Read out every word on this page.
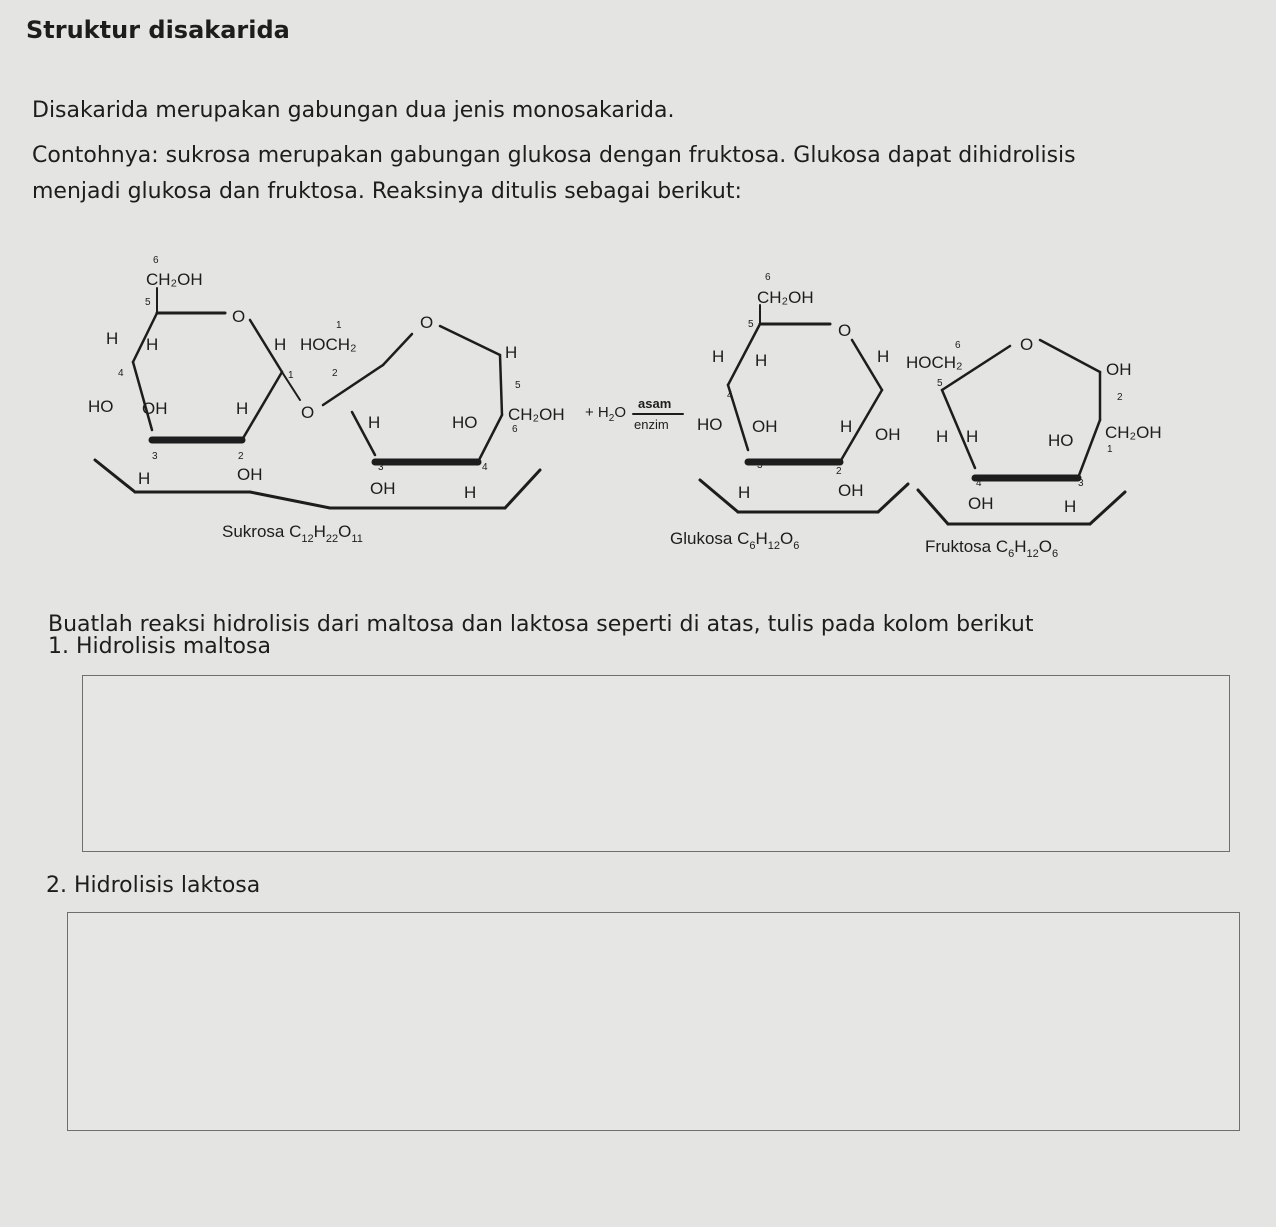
Struktur disakarida
Disakarida merupakan gabungan dua jenis monosakarida.
Contohnya: sukrosa merupakan gabungan glukosa dengan fruktosa. Glukosa dapat dihidrolisis
menjadi glukosa dan fruktosa. Reaksinya ditulis sebagai berikut:
6
CH₂OH
5
O
H H	H HOCH₂
1
2
1
4
HO OH	H	O
O
H
5
H	HO CH₂OH
6
3	2
H	OH	3	4
OH	H
+ $H_2O$
asam
enzim
6
CH₂OH
5	O
H H	H
4
HO OH	H OH
3
2
H	OH
6
HOCH₂
5
O
OH
2
H H	HO CH₂OH
1
4	3
OH	H
Sukrosa $C_{12}H_{22}O_{11}$	Glukosa $C_6H_{12}O_6$	Fruktosa $C_6H_{12}O_6$
Buatlah reaksi hidrolisis dari maltosa dan laktosa seperti di atas, tulis pada kolom berikut
1. Hidrolisis maltosa
2. Hidrolisis laktosa
